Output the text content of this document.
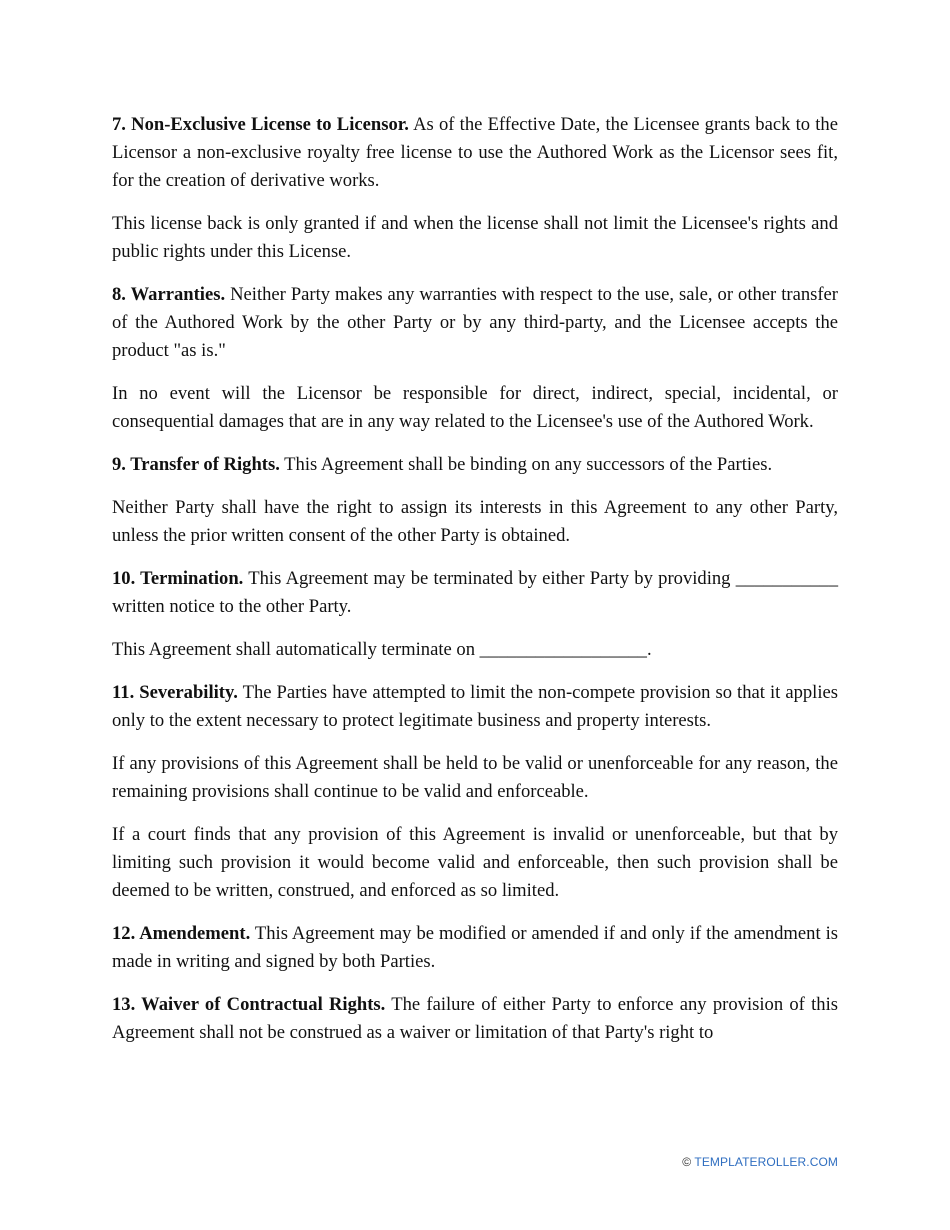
7. Non-Exclusive License to Licensor. As of the Effective Date, the Licensee grants back to the Licensor a non-exclusive royalty free license to use the Authored Work as the Licensor sees fit, for the creation of derivative works.

This license back is only granted if and when the license shall not limit the Licensee's rights and public rights under this License.

8. Warranties. Neither Party makes any warranties with respect to the use, sale, or other transfer of the Authored Work by the other Party or by any third-party, and the Licensee accepts the product "as is."

In no event will the Licensor be responsible for direct, indirect, special, incidental, or consequential damages that are in any way related to the Licensee's use of the Authored Work.

9. Transfer of Rights. This Agreement shall be binding on any successors of the Parties.

Neither Party shall have the right to assign its interests in this Agreement to any other Party, unless the prior written consent of the other Party is obtained.

10. Termination. This Agreement may be terminated by either Party by providing ___________ written notice to the other Party.

This Agreement shall automatically terminate on __________________.

11. Severability. The Parties have attempted to limit the non-compete provision so that it applies only to the extent necessary to protect legitimate business and property interests.

If any provisions of this Agreement shall be held to be valid or unenforceable for any reason, the remaining provisions shall continue to be valid and enforceable.

If a court finds that any provision of this Agreement is invalid or unenforceable, but that by limiting such provision it would become valid and enforceable, then such provision shall be deemed to be written, construed, and enforced as so limited.

12. Amendement. This Agreement may be modified or amended if and only if the amendment is made in writing and signed by both Parties.

13. Waiver of Contractual Rights. The failure of either Party to enforce any provision of this Agreement shall not be construed as a waiver or limitation of that Party's right to

© TEMPLATEROLLER.COM
